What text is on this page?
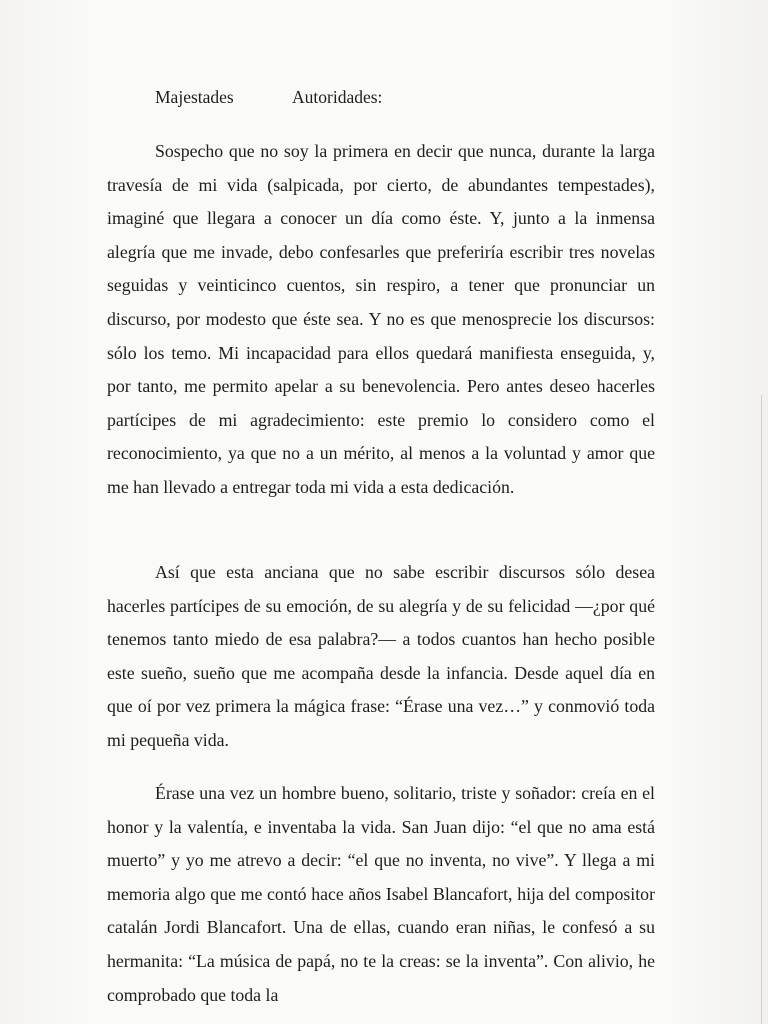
Majestades	Autoridades:

Sospecho que no soy la primera en decir que nunca, durante la larga travesía de mi vida (salpicada, por cierto, de abundantes tempestades), imaginé que llegara a conocer un día como éste. Y, junto a la inmensa alegría que me invade, debo confesarles que preferiría escribir tres novelas seguidas y veinticinco cuentos, sin respiro, a tener que pronunciar un discurso, por modesto que éste sea. Y no es que menosprecie los discursos: sólo los temo. Mi incapacidad para ellos quedará manifiesta enseguida, y, por tanto, me permito apelar a su benevolencia. Pero antes deseo hacerles partícipes de mi agradecimiento: este premio lo considero como el reconocimiento, ya que no a un mérito, al menos a la voluntad y amor que me han llevado a entregar toda mi vida a esta dedicación.

Así que esta anciana que no sabe escribir discursos sólo desea hacerles partícipes de su emoción, de su alegría y de su felicidad —¿por qué tenemos tanto miedo de esa palabra?— a todos cuantos han hecho posible este sueño, sueño que me acompaña desde la infancia. Desde aquel día en que oí por vez primera la mágica frase: “Érase una vez…” y conmovió toda mi pequeña vida.

Érase una vez un hombre bueno, solitario, triste y soñador: creía en el honor y la valentía, e inventaba la vida. San Juan dijo: “el que no ama está muerto” y yo me atrevo a decir: “el que no inventa, no vive”. Y llega a mi memoria algo que me contó hace años Isabel Blancafort, hija del compositor catalán Jordi Blancafort. Una de ellas, cuando eran niñas, le confesó a su hermanita: “La música de papá, no te la creas: se la inventa”. Con alivio, he comprobado que toda la
